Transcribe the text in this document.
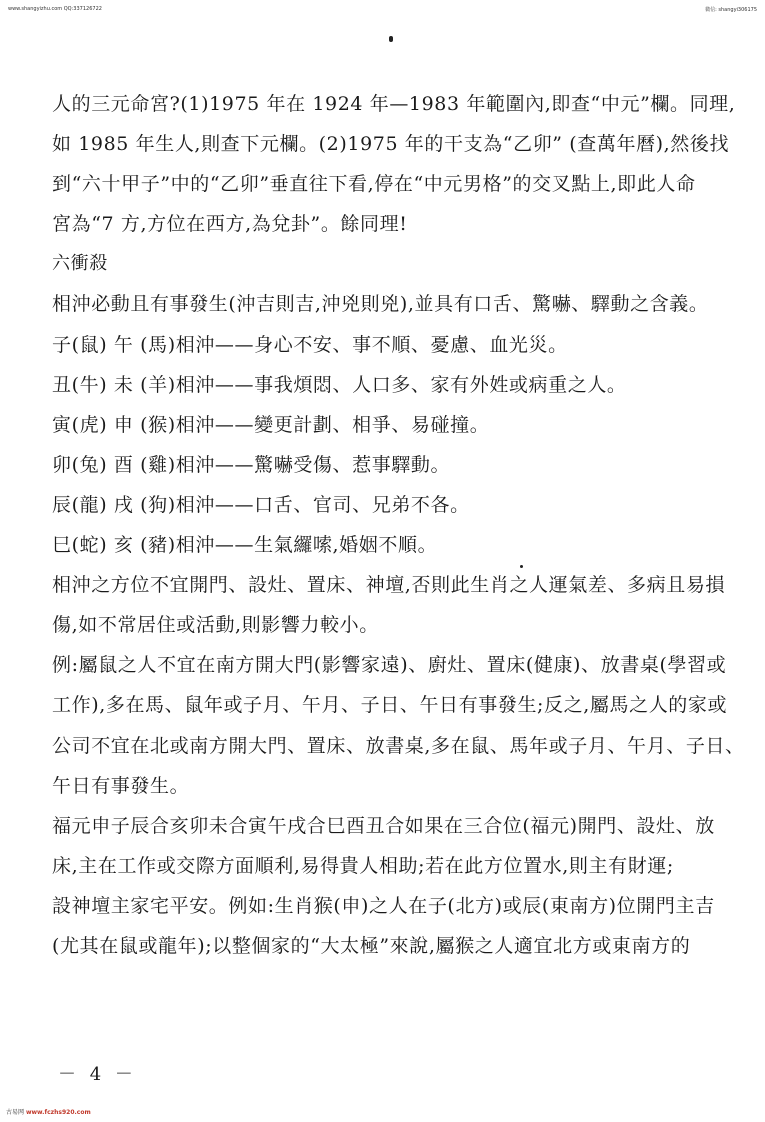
www.shangyizhu.com QQ:337126722	微信: shangyi306175
人的三元命宮?(1)1975 年在 1924 年—1983 年範圍內,即查“中元”欄。同理,
如 1985 年生人,則查下元欄。(2)1975 年的干支為“乙卯” (查萬年曆),然後找
到“六十甲子”中的“乙卯”垂直往下看,停在“中元男格”的交叉點上,即此人命
宮為“7 方,方位在西方,為兌卦”。餘同理!
六衝殺
相沖必動且有事發生(沖吉則吉,沖兇則兇),並具有口舌、驚嚇、驛動之含義。
子(鼠) 午 (馬)相沖——身心不安、事不順、憂慮、血光災。
丑(牛) 未 (羊)相沖——事我煩悶、人口多、家有外姓或病重之人。
寅(虎) 申 (猴)相沖——變更計劃、相爭、易碰撞。
卯(兔) 酉 (雞)相沖——驚嚇受傷、惹事驛動。
辰(龍) 戌 (狗)相沖——口舌、官司、兄弟不各。
巳(蛇) 亥 (豬)相沖——生氣纙嗦,婚姻不順。
相沖之方位不宜開門、設灶、置床、神壇,否則此生肖之人運氣差、多病且易損
傷,如不常居住或活動,則影響力較小。
例:屬鼠之人不宜在南方開大門(影響家遠)、廚灶、置床(健康)、放書桌(學習或
工作),多在馬、鼠年或子月、午月、子日、午日有事發生;反之,屬馬之人的家或
公司不宜在北或南方開大門、置床、放書桌,多在鼠、馬年或子月、午月、子日、
午日有事發生。
福元申子辰合亥卯未合寅午戌合巳酉丑合如果在三合位(福元)開門、設灶、放
床,主在工作或交際方面順利,易得貴人相助;若在此方位置水,則主有財運;
設神壇主家宅平安。例如:生肖猴(申)之人在子(北方)或辰(東南方)位開門主吉
(尤其在鼠或龍年);以整個家的“大太極”來說,屬猴之人適宜北方或東南方的
－ 4 －
古易网 www.fczhs920.com
